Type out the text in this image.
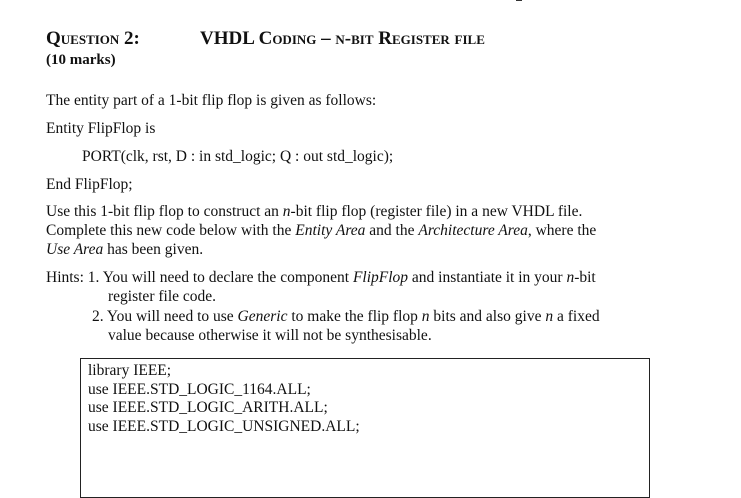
Question 2:	VHDL Coding – n-bit Register file
(10 marks)
The entity part of a 1-bit flip flop is given as follows:
Entity FlipFlop is
PORT(clk, rst, D : in std_logic; Q : out std_logic);
End FlipFlop;
Use this 1-bit flip flop to construct an n-bit flip flop (register file) in a new VHDL file.
Complete this new code below with the Entity Area and the Architecture Area, where the
Use Area has been given.
Hints: 1. You will need to declare the component FlipFlop and instantiate it in your n-bit
register file code.
2. You will need to use Generic to make the flip flop n bits and also give n a fixed
value because otherwise it will not be synthesisable.
library IEEE;
use IEEE.STD_LOGIC_1164.ALL;
use IEEE.STD_LOGIC_ARITH.ALL;
use IEEE.STD_LOGIC_UNSIGNED.ALL;
